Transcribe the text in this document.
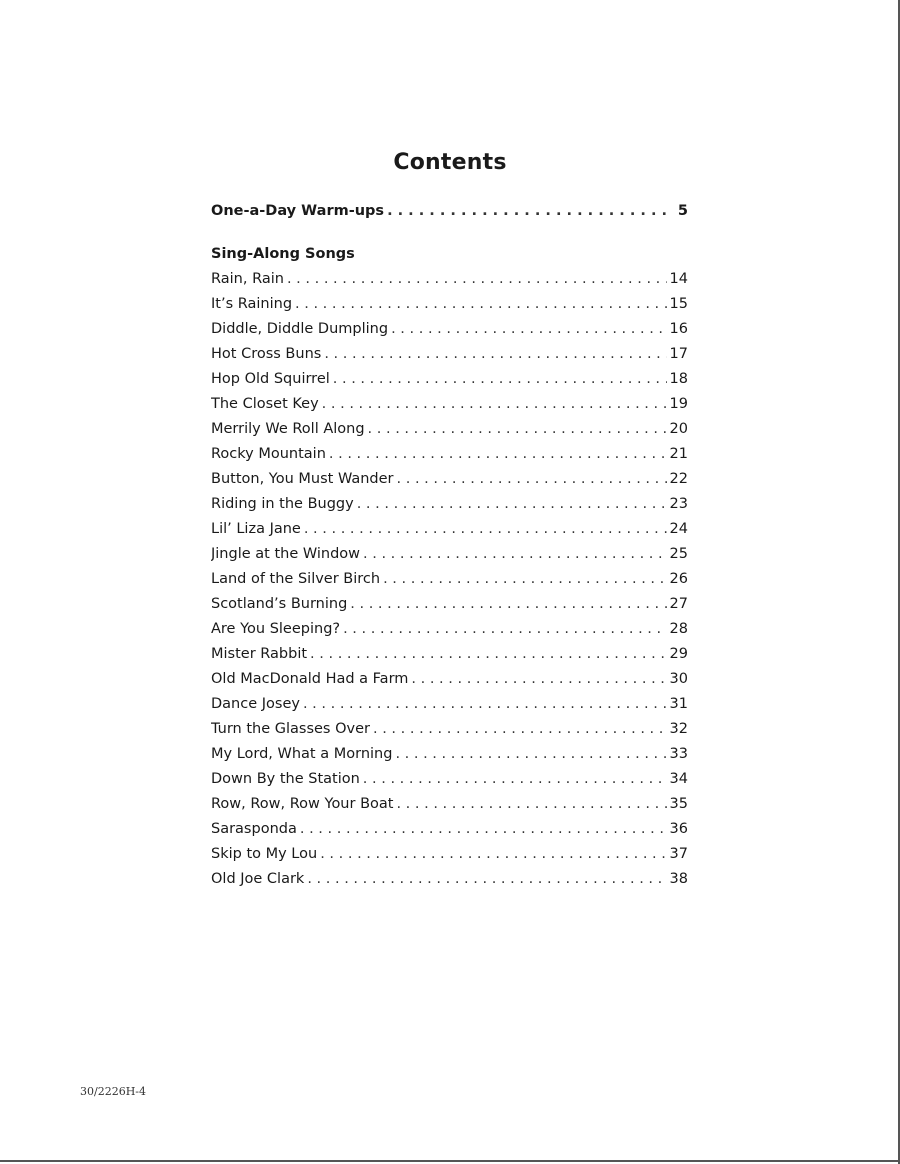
Contents
One-a-Day Warm-ups . . .	5
Sing-Along Songs
Rain, Rain . . .	14
It’s Raining . . .	15
Diddle, Diddle Dumpling . . .	16
Hot Cross Buns . . .	17
Hop Old Squirrel . . .	18
The Closet Key . . .	19
Merrily We Roll Along . . .	20
Rocky Mountain . . .	21
Button, You Must Wander . . .	22
Riding in the Buggy . . .	23
Lil’ Liza Jane . . .	24
Jingle at the Window . . .	25
Land of the Silver Birch . . .	26
Scotland’s Burning . . .	27
Are You Sleeping? . . .	28
Mister Rabbit . . .	29
Old MacDonald Had a Farm . . .	30
Dance Josey . . .	31
Turn the Glasses Over . . .	32
My Lord, What a Morning . . .	33
Down By the Station . . .	34
Row, Row, Row Your Boat . . .	35
Sarasponda . . .	36
Skip to My Lou . . .	37
Old Joe Clark . . .	38
30/2226H-4
